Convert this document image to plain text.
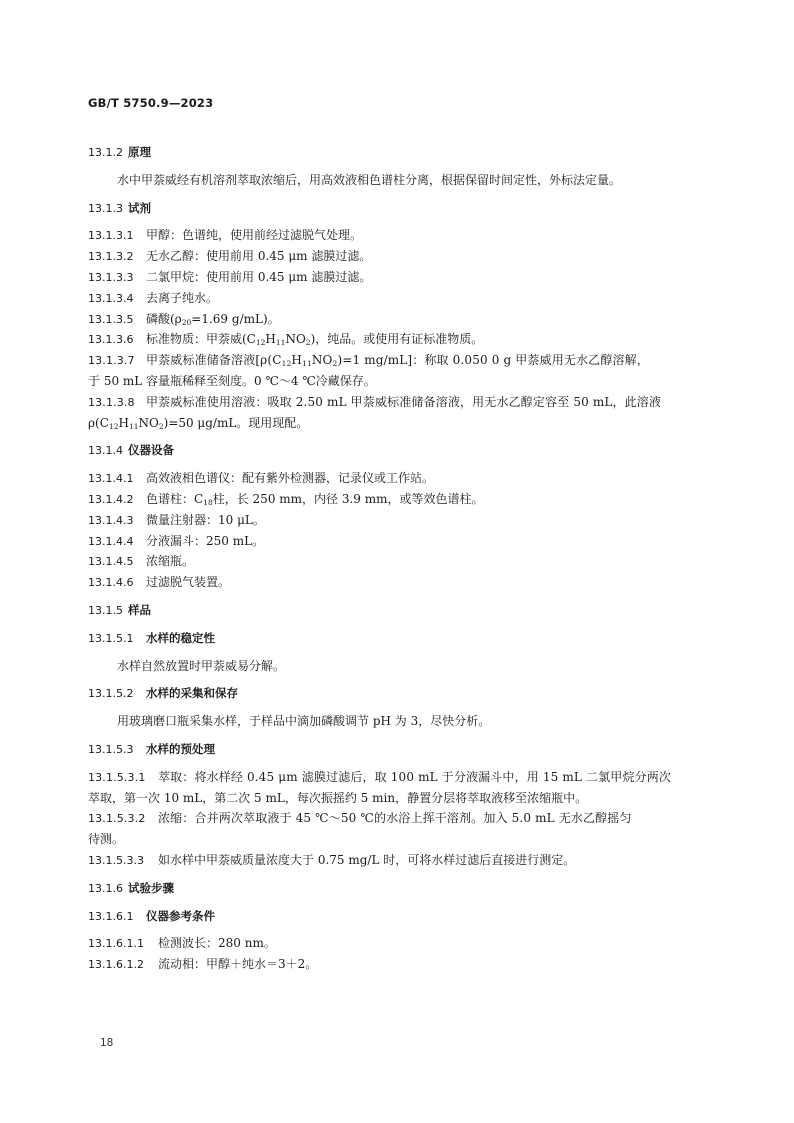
GB/T 5750.9—2023
13.1.2 原理
水中甲萘威经有机溶剂萃取浓缩后，用高效液相色谱柱分离，根据保留时间定性，外标法定量。
13.1.3 试剂
13.1.3.1 甲醇：色谱纯，使用前经过滤脱气处理。
13.1.3.2 无水乙醇：使用前用 0.45 μm 滤膜过滤。
13.1.3.3 二氯甲烷：使用前用 0.45 μm 滤膜过滤。
13.1.3.4 去离子纯水。
13.1.3.5 磷酸($\rho_{20}=1.69$ g/mL)。
13.1.3.6 标准物质：甲萘威$(C_{12}H_{11}NO_2)$，纯品。或使用有证标准物质。
13.1.3.7 甲萘威标准储备溶液[$\rho(C_{12}H_{11}NO_2)=1$ mg/mL]：称取 0.050 0 g 甲萘威用无水乙醇溶解，
于 50 mL 容量瓶稀释至刻度。0 ℃～4 ℃冷藏保存。
13.1.3.8 甲萘威标准使用溶液：吸取 2.50 mL 甲萘威标准储备溶液，用无水乙醇定容至 50 mL，此溶液
$\rho(C_{12}H_{11}NO_2)=50$ μg/mL。现用现配。
13.1.4 仪器设备
13.1.4.1 高效液相色谱仪：配有紫外检测器，记录仪或工作站。
13.1.4.2 色谱柱：$C_{18}$柱，长 250 mm，内径 3.9 mm，或等效色谱柱。
13.1.4.3 微量注射器：10 μL。
13.1.4.4 分液漏斗：250 mL。
13.1.4.5 浓缩瓶。
13.1.4.6 过滤脱气装置。
13.1.5 样品
13.1.5.1 水样的稳定性
水样自然放置时甲萘威易分解。
13.1.5.2 水样的采集和保存
用玻璃磨口瓶采集水样，于样品中滴加磷酸调节 pH 为 3，尽快分析。
13.1.5.3 水样的预处理
13.1.5.3.1 萃取：将水样经 0.45 μm 滤膜过滤后，取 100 mL 于分液漏斗中，用 15 mL 二氯甲烷分两次
萃取，第一次 10 mL，第二次 5 mL，每次振摇约 5 min，静置分层将萃取液移至浓缩瓶中。
13.1.5.3.2 浓缩：合并两次萃取液于 45 ℃～50 ℃的水浴上挥干溶剂。加入 5.0 mL 无水乙醇摇匀
待测。
13.1.5.3.3 如水样中甲萘威质量浓度大于 0.75 mg/L 时，可将水样过滤后直接进行测定。
13.1.6 试验步骤
13.1.6.1 仪器参考条件
13.1.6.1.1 检测波长：280 nm。
13.1.6.1.2 流动相：甲醇＋纯水＝3＋2。
18
